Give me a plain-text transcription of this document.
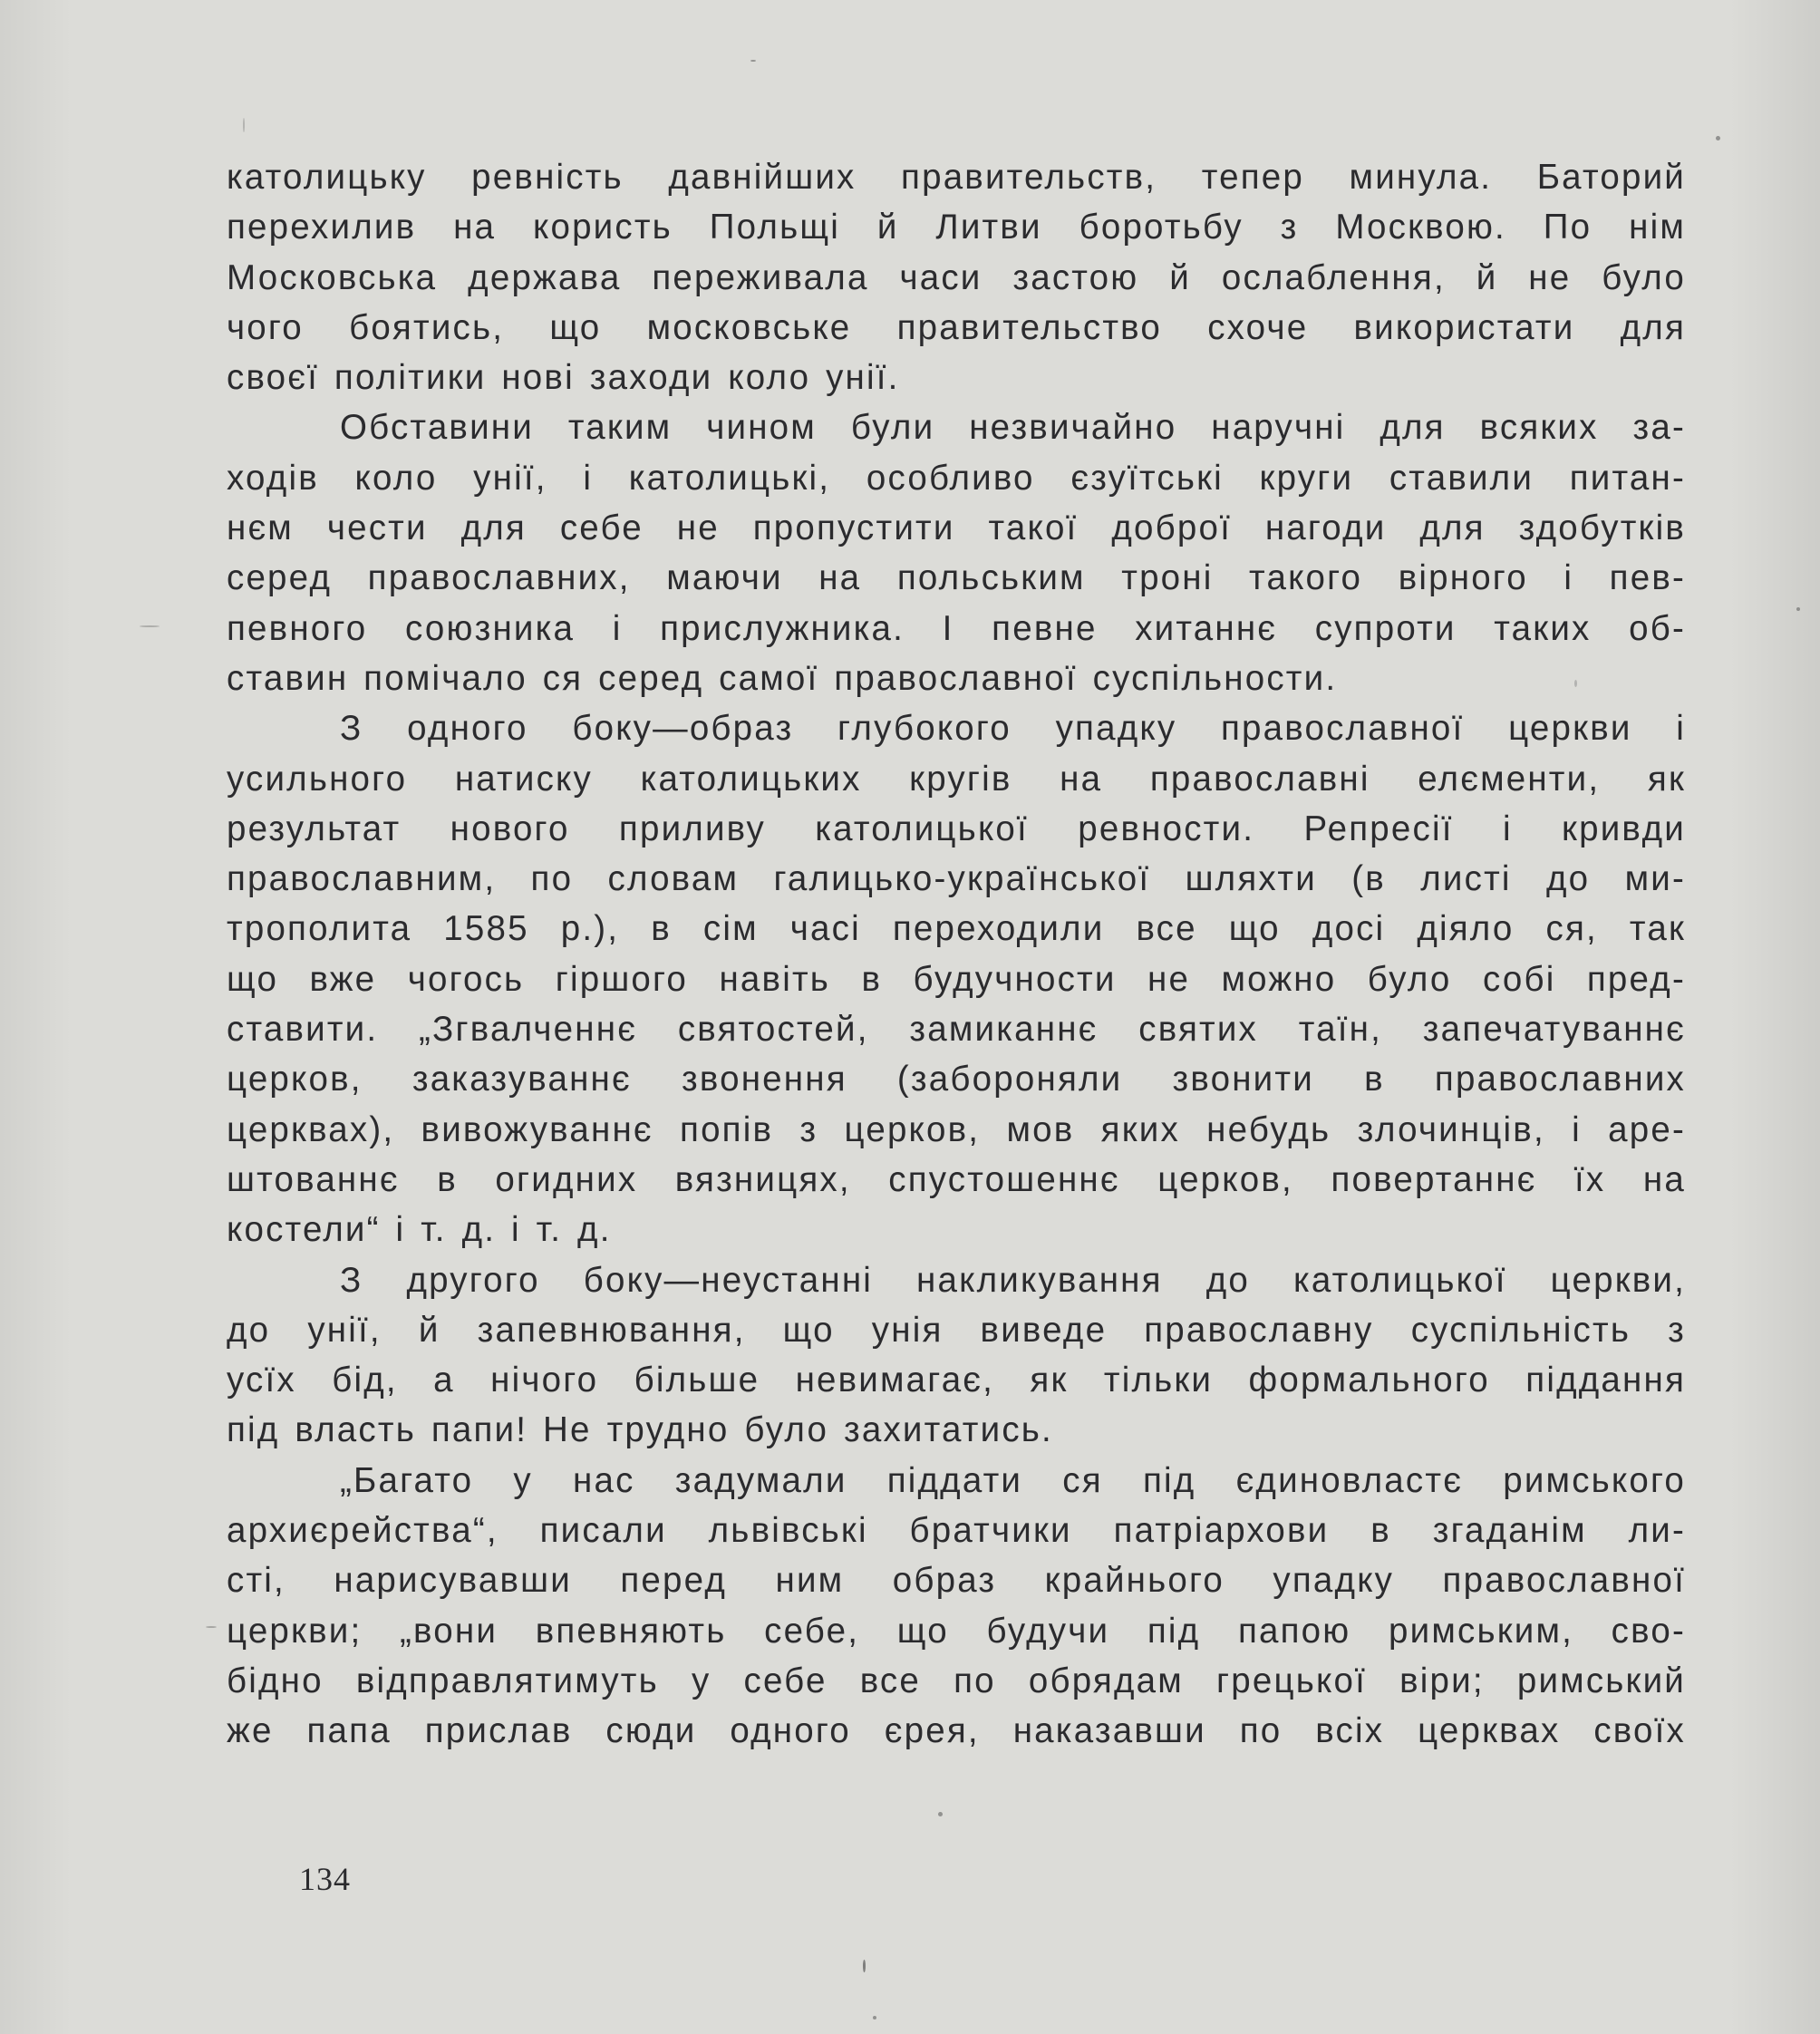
католицьку ревність давнійших правительств, тепер минула. Баторий
перехилив на користь Польщі й Литви боротьбу з Москвою. По нім
Московська держава переживала часи застою й ослаблення, й не було
чого боятись, що московське правительство схоче використати для
своєї політики нові заходи коло унії.
Обставини таким чином були незвичайно наручні для всяких за-
ходів коло унії, і католицькі, особливо єзуїтські круги ставили питан-
нєм чести для себе не пропустити такої доброї нагоди для здобутків
серед православних, маючи на польським троні такого вірного і пев-
певного союзника і прислужника. І певне хитаннє супроти таких об-
ставин помічало ся серед самої православної суспільности.
З одного боку—образ глубокого упадку православної церкви і
усильного натиску католицьких кругів на православні елєменти, як
результат нового приливу католицької ревности. Репресії і кривди
православним, по словам галицько-української шляхти (в листі до ми-
трополита 1585 р.), в сім часі переходили все що досі діяло ся, так
що вже чогось гіршого навіть в будучности не можно було собі пред-
ставити. „Згвалченнє святостей, замиканнє святих таїн, запечатуваннє
церков, заказуваннє звонення (забороняли звонити в православних
церквах), вивожуваннє попів з церков, мов яких небудь злочинців, і аре-
штованнє в огидних вязницях, спустошеннє церков, повертаннє їх на
костели“ і т. д. і т. д.
З другого боку—неустанні накликування до католицької церкви,
до унії, й запевнювання, що унія виведе православну суспільність з
усїх бід, а нічого більше невимагає, як тільки формального піддання
під власть папи! Не трудно було захитатись.
„Багато у нас задумали піддати ся під єдиновластє римського
архиєрейства“, писали львівські братчики патріархови в згаданім ли-
сті, нарисувавши перед ним образ крайнього упадку православної
церкви; „вони впевняють себе, що будучи під папою римським, сво-
бідно відправлятимуть у себе все по обрядам грецької віри; римський
же папа прислав сюди одного єрея, наказавши по всіх церквах своїх
134
